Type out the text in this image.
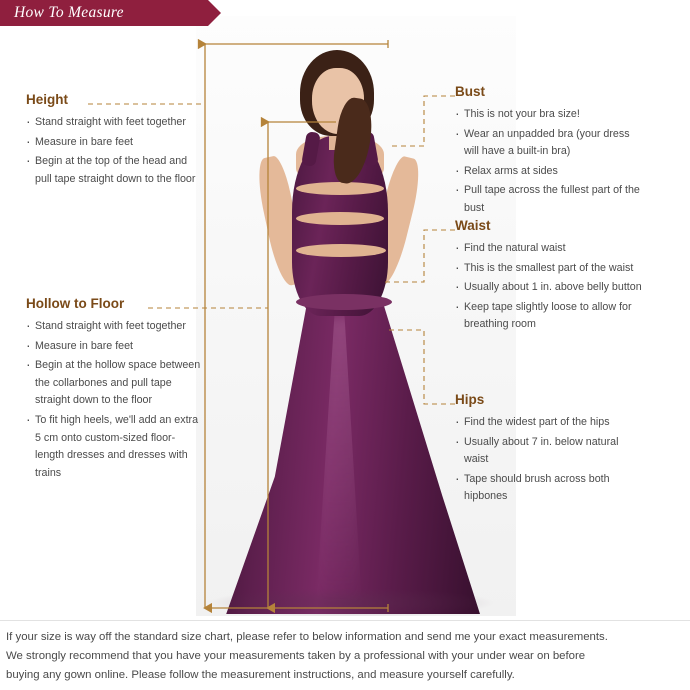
How To Measure
Height
· Stand straight with feet together
· Measure in bare feet
· Begin at the top of the head and pull tape straight down to the floor
Hollow to Floor
· Stand straight with feet together
· Measure in bare feet
· Begin at the hollow space between the collarbones and pull tape straight down to the floor
· To fit high heels, we'll add an extra 5 cm onto custom-sized floor-length dresses and dresses with trains
Bust
· This is not your bra size!
· Wear an unpadded bra (your dress will have a built-in bra)
· Relax arms at sides
· Pull tape across the fullest part of the bust
Waist
· Find the natural waist
· This is the smallest part of the waist
· Usually about 1 in. above belly button
· Keep tape slightly loose to allow for breathing room
Hips
· Find the widest part of the hips
· Usually about 7 in. below natural waist
· Tape should brush across both hipbones
If your size is way off the standard size chart, please refer to below information and send me your exact measurements.
We strongly recommend that you have your measurements taken by a professional with your under wear on before
buying any gown online. Please follow the measurement instructions, and measure yourself carefully.
